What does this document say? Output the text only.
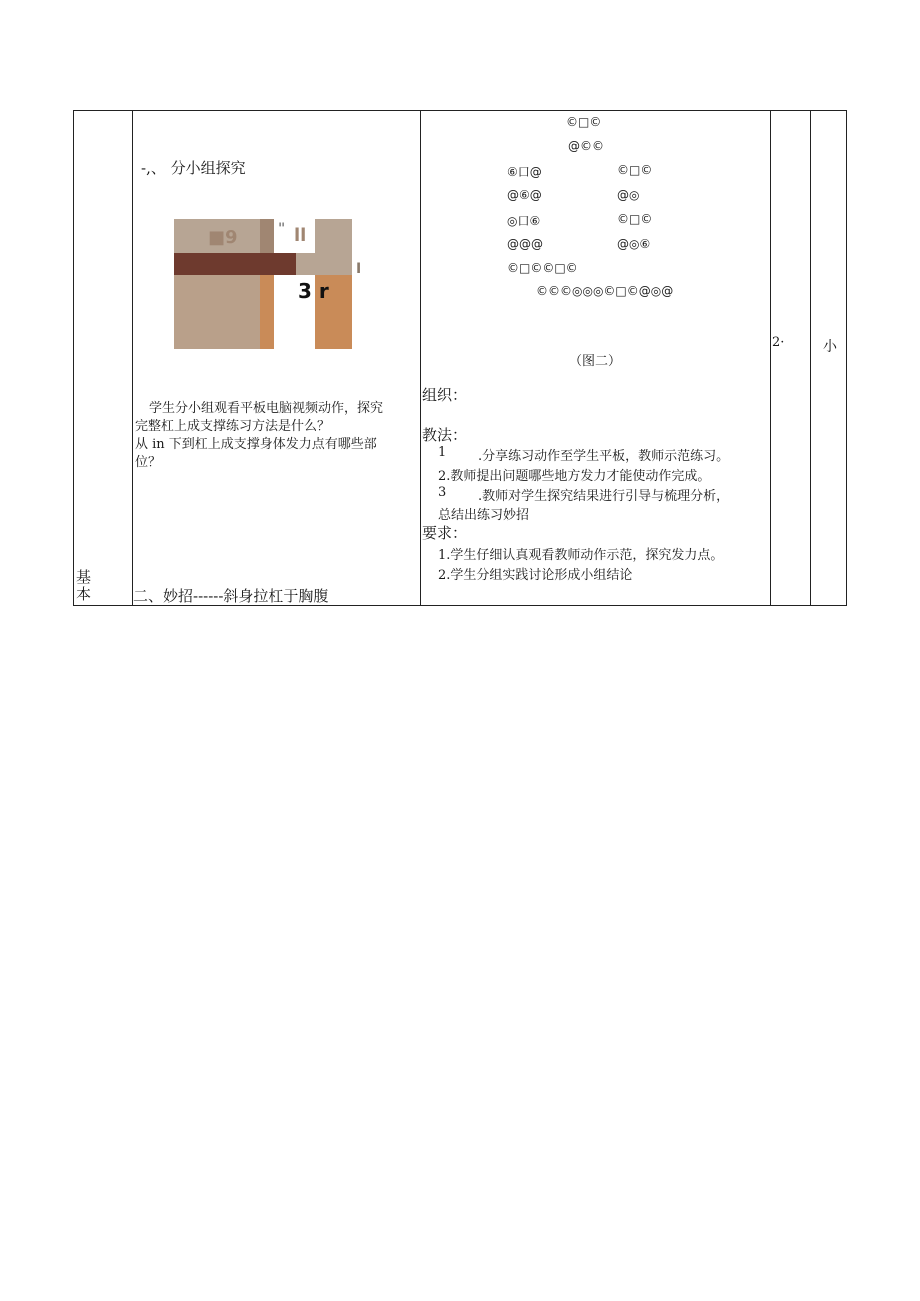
基本
-,、 分小组探究
■9	" ll
3 r
I
学生分小组观看平板电脑视频动作，探究
完整杠上成支撑练习方法是什么？
从 in 下到杠上成支撑身体发力点有哪些部
位？
二、妙招------斜身拉杠于胸腹
©□©
@©©
⑥口@	©□©
@⑥@	@◎
◎口⑥	©□©
@@@	@◎⑥
©□©©□©
©©©◎◎◎©□©@◎@
（图二）
组织：
教法：
1 .分享练习动作至学生平板，教师示范练习。
2.教师提出问题哪些地方发力才能使动作完成。
3 .教师对学生探究结果进行引导与梳理分析，
总结出练习妙招
要求：
1.学生仔细认真观看教师动作示范，探究发力点。
2.学生分组实践讨论形成小组结论
2·	小
